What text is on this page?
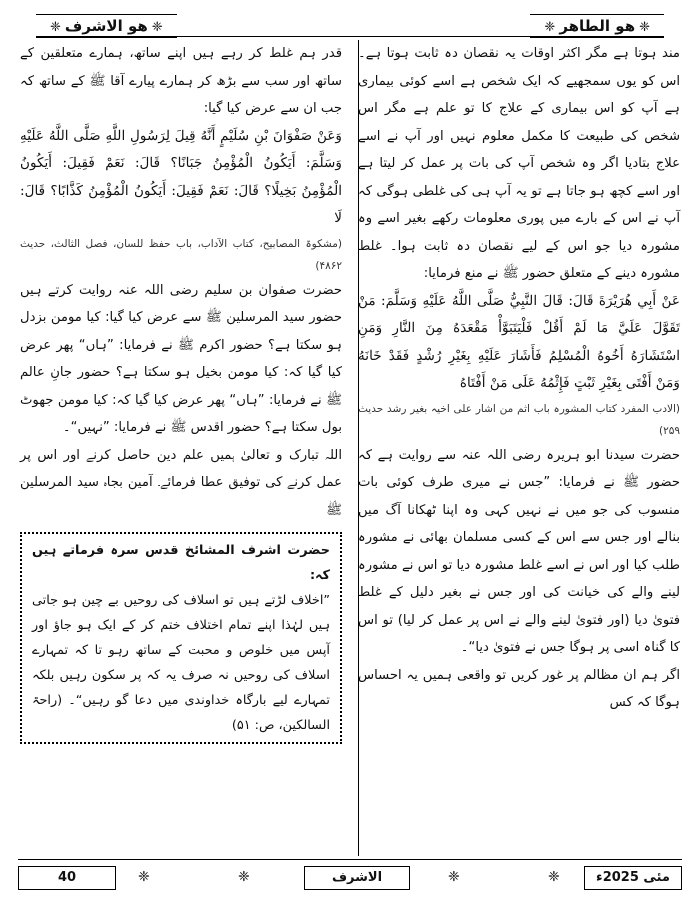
❈ھو الاشرف❈	❈ھو الطاھر❈

مند ہوتا ہے مگر اکثر اوقات یہ نقصان دہ ثابت ہوتا ہے۔ اس کو یوں سمجھیے کہ ایک شخص ہے اسے کوئی بیماری ہے آپ کو اس بیماری کے علاج کا تو علم ہے مگر اس شخص کی طبیعت کا مکمل معلوم نہیں اور آپ نے اسے علاج بتادیا اگر وہ شخص آپ کی بات پر عمل کر لیتا ہے اور اسے کچھ ہو جاتا ہے تو یہ آپ ہی کی غلطی ہوگی کہ آپ نے اس کے بارے میں پوری معلومات رکھے بغیر اسے وہ مشورہ دیا جو اس کے لیے نقصان دہ ثابت ہوا۔ غلط مشورہ دینے کے متعلق حضور ﷺ نے منع فرمایا:

عَنْ أَبِي هُرَيْرَةَ قَالَ: قَالَ النَّبِيُّ صَلَّى اللَّهُ عَلَيْهِ وَسَلَّمَ: مَنْ تَقَوَّلَ عَلَيَّ مَا لَمْ أَقُلْ فَلْيَتَبَوَّأْ مَقْعَدَهُ مِنَ النَّارِ وَمَنِ اسْتَشَارَهُ أَخُوهُ الْمُسْلِمُ فَأَشَارَ عَلَيْهِ بِغَيْرِ رُشْدٍ فَقَدْ خَانَهُ وَمَنْ أَفْتَى بِغَيْرِ ثَبْتٍ فَإِثْمُهُ عَلَى مَنْ أَفْتَاهُ

(الادب المفرد کتاب المشورہ باب اثم من اشار علی اخیہ بغیر رشد حدیث ۲۵۹)

حضرت سیدنا ابو ہریرہ رضی اللہ عنہ سے روایت ہے کہ حضور ﷺ نے فرمایا: ”جس نے میری طرف کوئی بات منسوب کی جو میں نے نہیں کہی وہ اپنا ٹھکانا آگ میں بنالے اور جس سے اس کے کسی مسلمان بھائی نے مشورہ طلب کیا اور اس نے اسے غلط مشورہ دیا تو اس نے مشورہ لینے والے کی خیانت کی اور جس نے بغیر دلیل کے غلط فتویٰ دیا (اور فتویٰ لینے والے نے اس پر عمل کر لیا) تو اس کا گناہ اسی پر ہوگا جس نے فتویٰ دیا“۔

اگر ہم ان مظالم پر غور کریں تو واقعی ہمیں یہ احساس ہوگا کہ کس

قدر ہم غلط کر رہے ہیں اپنے ساتھ، ہمارے متعلقین کے ساتھ اور سب سے بڑھ کر ہمارے پیارے آقا ﷺ کے ساتھ کہ جب ان سے عرض کیا گیا:

وَعَنْ صَفْوَانَ بْنِ سُلَيْمٍ أَنَّهُ قِيلَ لِرَسُولِ اللَّهِ صَلَّى اللَّهُ عَلَيْهِ وَسَلَّمَ: أَيَكُونُ الْمُؤْمِنُ جَبَانًا؟ قَالَ: نَعَمْ فَقِيلَ: أَيَكُونُ الْمُؤْمِنُ بَخِيلًا؟ قَالَ: نَعَمْ فَقِيلَ: أَيَكُونُ الْمُؤْمِنُ كَذَّابًا؟ قَالَ: لَا

(مشکوۃ المصابیح، کتاب الآداب، باب حفظ للسان، فصل الثالث، حدیث ۴۸۶۲)

حضرت صفوان بن سلیم رضی اللہ عنہ روایت کرتے ہیں حضور سید المرسلین ﷺ سے عرض کیا گیا: کیا مومن بزدل ہو سکتا ہے؟ حضور اکرم ﷺ نے فرمایا: ”ہاں“ پھر عرض کیا گیا کہ: کیا مومن بخیل ہو سکتا ہے؟ حضور جانِ عالم ﷺ نے فرمایا: ”ہاں“ پھر عرض کیا گیا کہ: کیا مومن جھوٹ بول سکتا ہے؟ حضور اقدس ﷺ نے فرمایا: ”نہیں“۔

اللہ تبارک و تعالیٰ ہمیں علم دین حاصل کرنے اور اس پر عمل کرنے کی توفیق عطا فرمائے۔ آمین بجاہ سید المرسلین ﷺ

حضرت اشرف المشائخ قدس سرہ فرماتے ہیں کہ:

”اخلاف لڑتے ہیں تو اسلاف کی روحیں بے چین ہو جاتی ہیں لہٰذا اپنے تمام اختلاف ختم کر کے ایک ہو جاؤ اور آپس میں خلوص و محبت کے ساتھ رہو تا کہ تمہارے اسلاف کی روحیں نہ صرف یہ کہ پر سکون رہیں بلکہ تمہارے لیے بارگاہ خداوندی میں دعا گو رہیں“۔ (راحۃ السالکین، ص: ۵۱)

40	❈	❈	الاشرف	❈	❈	مئی 2025ء
